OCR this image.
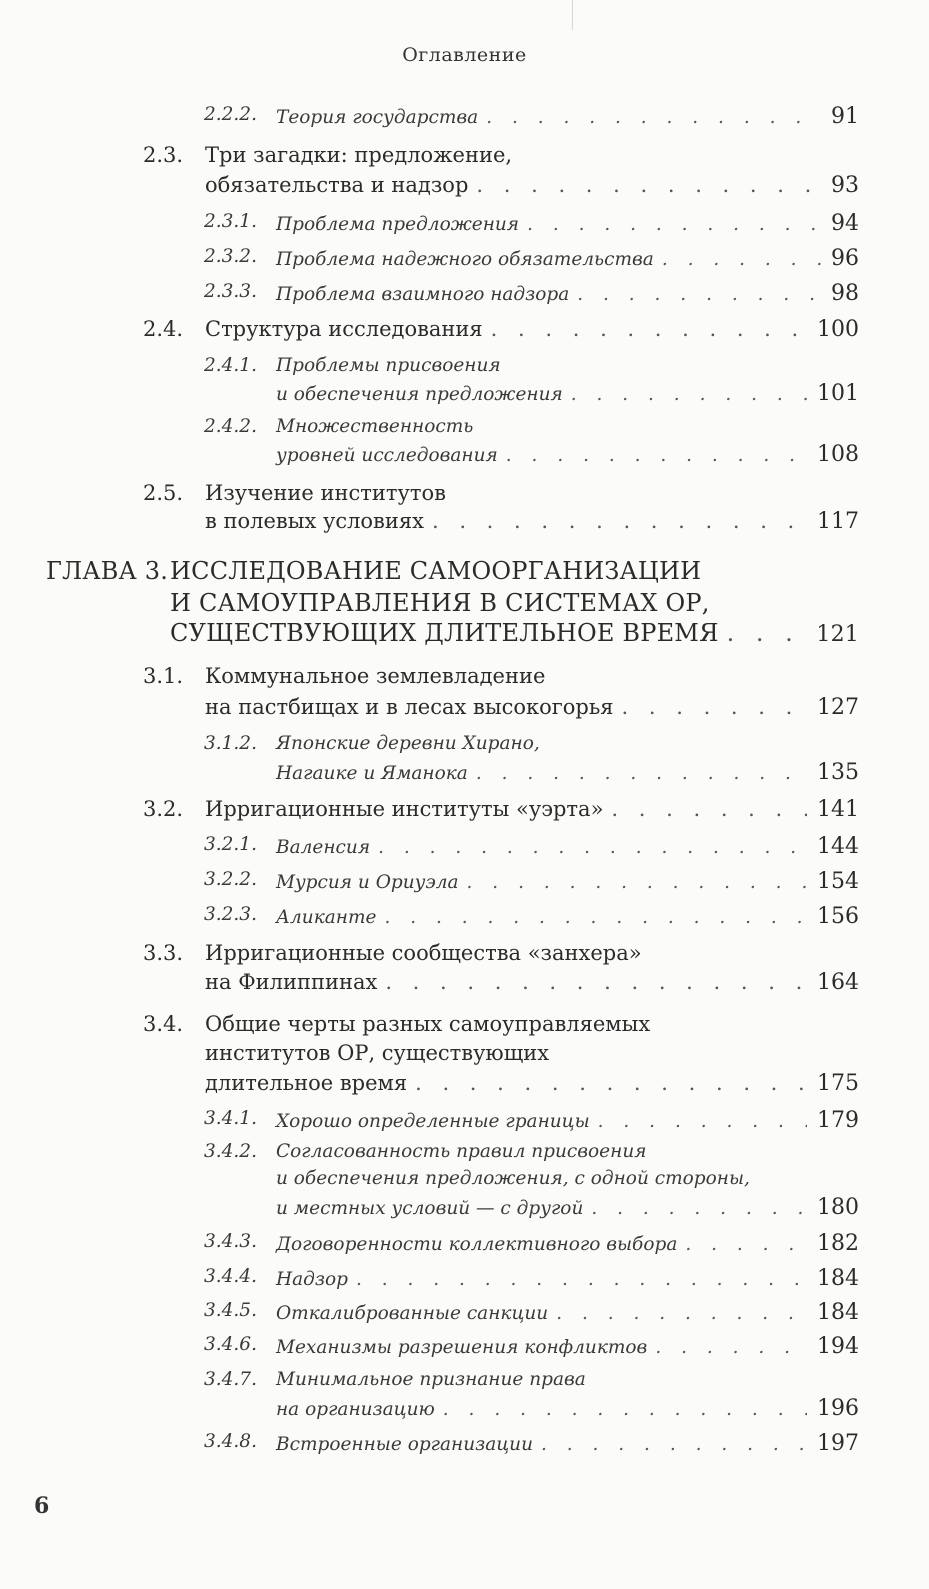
Оглавление
2.2.2. Теория государства . . .	91
2.3. Три загадки: предложение,
обязательства и надзор . . .	93
2.3.1. Проблема предложения . . .	94
2.3.2. Проблема надежного обязательства . . .	96
2.3.3. Проблема взаимного надзора . . .	98
2.4. Структура исследования . . .	100
2.4.1. Проблемы присвоения
и обеспечения предложения . . .	101
2.4.2. Множественность
уровней исследования . . .	108
2.5. Изучение институтов
в полевых условиях . . .	117
ГЛАВА 3. ИССЛЕДОВАНИЕ САМООРГАНИЗАЦИИ
И САМОУПРАВЛЕНИЯ В СИСТЕМАХ ОР,
СУЩЕСТВУЮЩИХ ДЛИТЕЛЬНОЕ ВРЕМЯ . . .	121
3.1. Коммунальное землевладение
на пастбищах и в лесах высокогорья . . .	127
3.1.2. Японские деревни Хирано,
Нагаике и Яманока . . .	135
3.2. Ирригационные институты «уэрта» . . .	141
3.2.1. Валенсия . . .	144
3.2.2. Мурсия и Ориуэла . . .	154
3.2.3. Аликанте . . .	156
3.3. Ирригационные сообщества «занхера»
на Филиппинах . . .	164
3.4. Общие черты разных самоуправляемых
институтов ОР, существующих
длительное время . . .	175
3.4.1. Хорошо определенные границы . . .	179
3.4.2. Согласованность правил присвоения
и обеспечения предложения, с одной стороны,
и местных условий — с другой . . .	180
3.4.3. Договоренности коллективного выбора . . .	182
3.4.4. Надзор . . .	184
3.4.5. Откалиброванные санкции . . .	184
3.4.6. Механизмы разрешения конфликтов . . .	194
3.4.7. Минимальное признание права
на организацию . . .	196
3.4.8. Встроенные организации . . .	197
6
